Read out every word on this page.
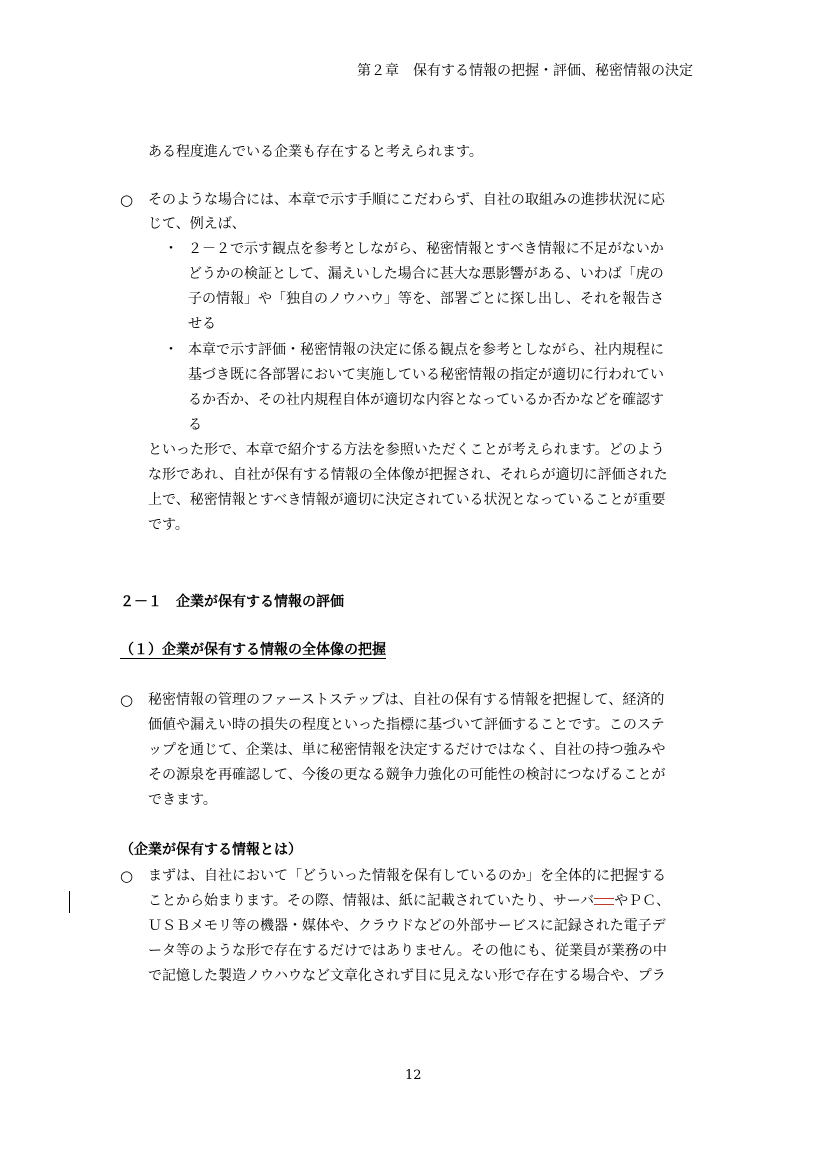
第２章　保有する情報の把握・評価、秘密情報の決定
ある程度進んでいる企業も存在すると考えられます。
○ そのような場合には、本章で示す手順にこだわらず、自社の取組みの進捗状況に応
じて、例えば、
・ ２－２で示す観点を参考としながら、秘密情報とすべき情報に不足がないか
どうかの検証として、漏えいした場合に甚大な悪影響がある、いわば「虎の
子の情報」や「独自のノウハウ」等を、部署ごとに探し出し、それを報告さ
せる
・ 本章で示す評価・秘密情報の決定に係る観点を参考としながら、社内規程に
基づき既に各部署において実施している秘密情報の指定が適切に行われてい
るか否か、その社内規程自体が適切な内容となっているか否かなどを確認す
る
といった形で、本章で紹介する方法を参照いただくことが考えられます。どのよう
な形であれ、自社が保有する情報の全体像が把握され、それらが適切に評価された
上で、秘密情報とすべき情報が適切に決定されている状況となっていることが重要
です。
２－１　企業が保有する情報の評価
（１）企業が保有する情報の全体像の把握
○ 秘密情報の管理のファーストステップは、自社の保有する情報を把握して、経済的
価値や漏えい時の損失の程度といった指標に基づいて評価することです。このステ
ップを通じて、企業は、単に秘密情報を決定するだけではなく、自社の持つ強みや
その源泉を再確認して、今後の更なる競争力強化の可能性の検討につなげることが
できます。
（企業が保有する情報とは）
○ まずは、自社において「どういった情報を保有しているのか」を全体的に把握する
ことから始まります。その際、情報は、紙に記載されていたり、サーバ やＰＣ、
ＵＳＢメモリ等の機器・媒体や、クラウドなどの外部サービスに記録された電子デ
ータ等のような形で存在するだけではありません。その他にも、従業員が業務の中
で記憶した製造ノウハウなど文章化されず目に見えない形で存在する場合や、プラ
12
